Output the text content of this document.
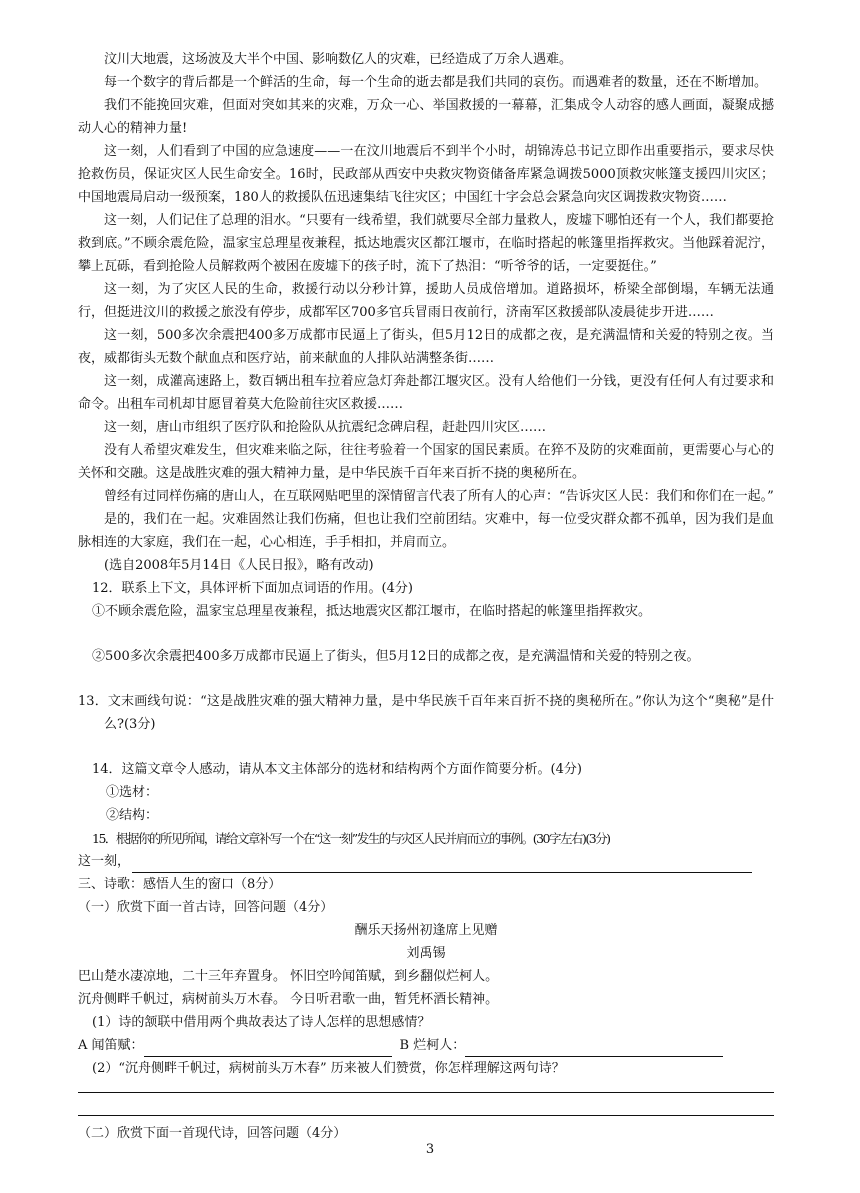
汶川大地震，这场波及大半个中国、影响数亿人的灾难，已经造成了万余人遇难。

每一个数字的背后都是一个鲜活的生命，每一个生命的逝去都是我们共同的哀伤。而遇难者的数量，还在不断增加。

我们不能挽回灾难，但面对突如其来的灾难，万众一心、举国救援的一幕幕，汇集成令人动容的感人画面，凝聚成撼动人心的精神力量!

这一刻，人们看到了中国的应急速度——一在汶川地震后不到半个小时，胡锦涛总书记立即作出重要指示，要求尽快抢救伤员，保证灾区人民生命安全。16时，民政部从西安中央救灾物资储备库紧急调拨5000顶救灾帐篷支援四川灾区；中国地震局启动一级预案，180人的救援队伍迅速集结飞往灾区；中国红十字会总会紧急向灾区调拨救灾物资……

这一刻，人们记住了总理的泪水。“只要有一线希望，我们就要尽全部力量救人，废墟下哪怕还有一个人，我们都要抢救到底。”不顾余震危险，温家宝总理星夜兼程，抵达地震灾区都江堰市，在临时搭起的帐篷里指挥救灾。当他踩着泥泞，攀上瓦砾，看到抢险人员解救两个被困在废墟下的孩子时，流下了热泪：“听爷爷的话，一定要挺住。”

这一刻，为了灾区人民的生命，救援行动以分秒计算，援助人员成倍增加。道路损坏，桥梁全部倒塌，车辆无法通行，但挺进汶川的救援之旅没有停步，成都军区700多官兵冒雨日夜前行，济南军区救援部队凌晨徒步开进……

这一刻，500多次余震把400多万成都市民逼上了街头，但5月12日的成都之夜，是充满温情和关爱的特别之夜。当夜，威都街头无数个献血点和医疗站，前来献血的人排队站满整条街……

这一刻，成灌高速路上，数百辆出租车拉着应急灯奔赴都江堰灾区。没有人给他们一分钱，更没有任何人有过要求和命令。出租车司机却甘愿冒着莫大危险前往灾区救援……

这一刻，唐山市组织了医疗队和抢险队从抗震纪念碑启程，赶赴四川灾区……

没有人希望灾难发生，但灾难来临之际，往往考验着一个国家的国民素质。在猝不及防的灾难面前，更需要心与心的关怀和交融。这是战胜灾难的强大精神力量，是中华民族千百年来百折不挠的奥秘所在。

曾经有过同样伤痛的唐山人，在互联网贴吧里的深情留言代表了所有人的心声：“告诉灾区人民：我们和你们在一起。”

是的，我们在一起。灾难固然让我们伤痛，但也让我们空前团结。灾难中，每一位受灾群众都不孤单，因为我们是血脉相连的大家庭，我们在一起，心心相连，手手相扣，并肩而立。

(选自2008年5月14日《人民日报》，略有改动)

12．联系上下文，具体评析下面加点词语的作用。(4分)

①不顾余震危险，温家宝总理星夜兼程，抵达地震灾区都江堰市，在临时搭起的帐篷里指挥救灾。

②500多次余震把400多万成都市民逼上了街头，但5月12日的成都之夜，是充满温情和关爱的特别之夜。

13．文末画线句说：“这是战胜灾难的强大精神力量，是中华民族千百年来百折不挠的奥秘所在。”你认为这个“奥秘”是什么?(3分)

14．这篇文章令人感动，请从本文主体部分的选材和结构两个方面作简要分析。(4分)

①选材：

②结构：

15．根据你的所见所闻，请给文章补写一个在“这一刻”发生的与灾区人民并肩而立的事例。(30字左右)(3分)

这一刻，

三、诗歌：感悟人生的窗口（8分）

（一）欣赏下面一首古诗，回答问题（4分）

酬乐天扬州初逢席上见赠

刘禹锡

巴山楚水凄凉地，二十三年弃置身。 怀旧空吟闻笛赋，到乡翻似烂柯人。

沉舟侧畔千帆过，病树前头万木春。 今日听君歌一曲，暂凭杯酒长精神。

(1）诗的颔联中借用两个典故表达了诗人怎样的思想感情？

A 闻笛赋：	B 烂柯人：

(2）“沉舟侧畔千帆过，病树前头万木春” 历来被人们赞赏，你怎样理解这两句诗？

（二）欣赏下面一首现代诗，回答问题（4分）

3
